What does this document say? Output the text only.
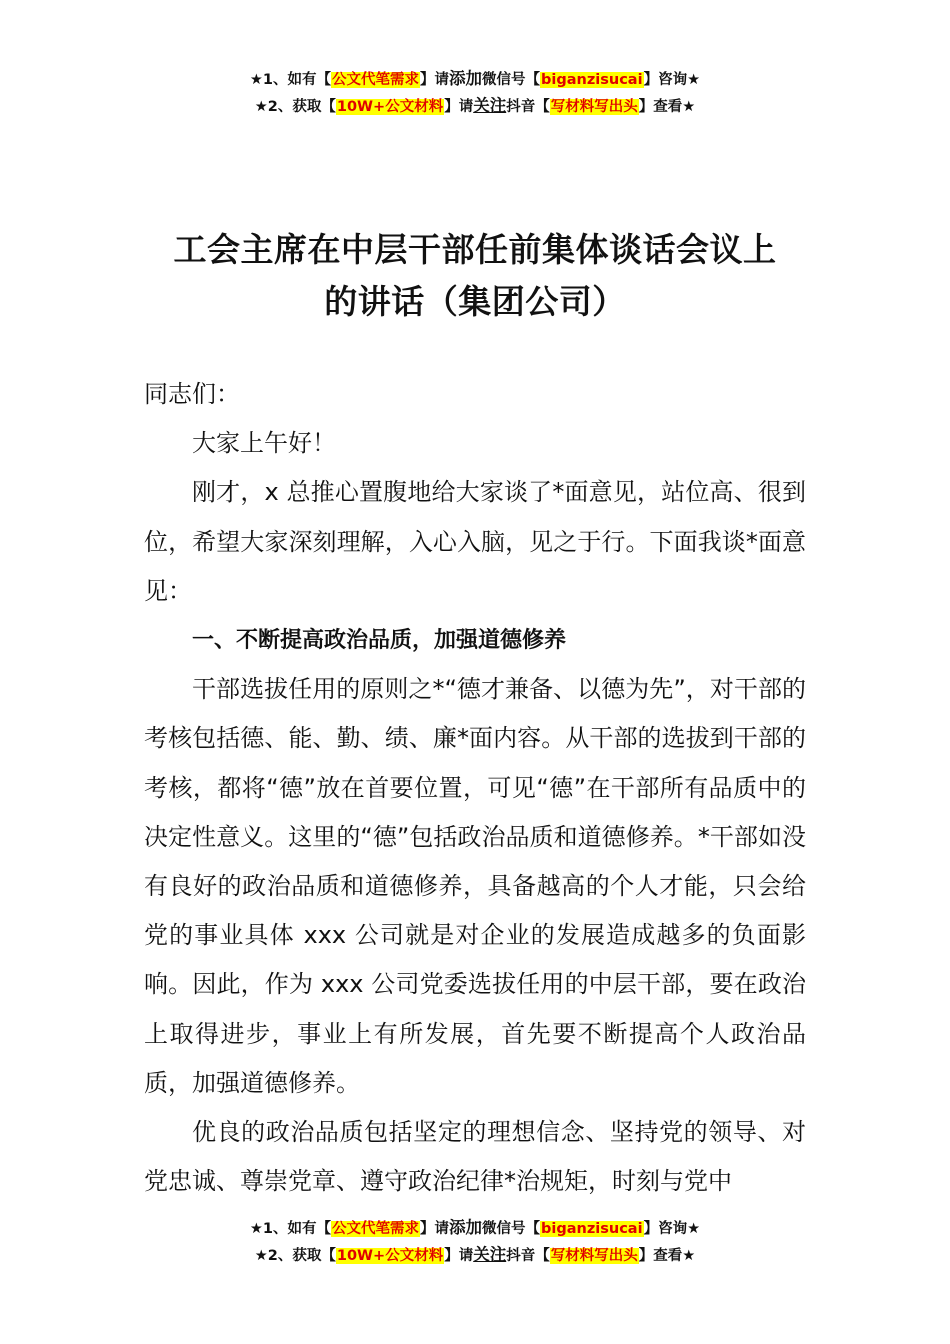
★1、如有【公文代笔需求】请添加微信号【biganzisucai】咨询★
★2、获取【10W+公文材料】请关注抖音【写材料写出头】查看★
工会主席在中层干部任前集体谈话会议上
的讲话（集团公司）

同志们：

大家上午好！

刚才，x 总推心置腹地给大家谈了*面意见，站位高、很到位，希望大家深刻理解，入心入脑，见之于行。下面我谈*面意见：

一、不断提高政治品质，加强道德修养

干部选拔任用的原则之*“德才兼备、以德为先”，对干部的考核包括德、能、勤、绩、廉*面内容。从干部的选拔到干部的考核，都将“德”放在首要位置，可见“德”在干部所有品质中的决定性意义。这里的“德”包括政治品质和道德修养。*干部如没有良好的政治品质和道德修养，具备越高的个人才能，只会给党的事业具体 xxx 公司就是对企业的发展造成越多的负面影响。因此，作为 xxx 公司党委选拔任用的中层干部，要在政治上取得进步，事业上有所发展，首先要不断提高个人政治品质，加强道德修养。

优良的政治品质包括坚定的理想信念、坚持党的领导、对党忠诚、尊崇党章、遵守政治纪律*治规矩，时刻与党中

★1、如有【公文代笔需求】请添加微信号【biganzisucai】咨询★
★2、获取【10W+公文材料】请关注抖音【写材料写出头】查看★
